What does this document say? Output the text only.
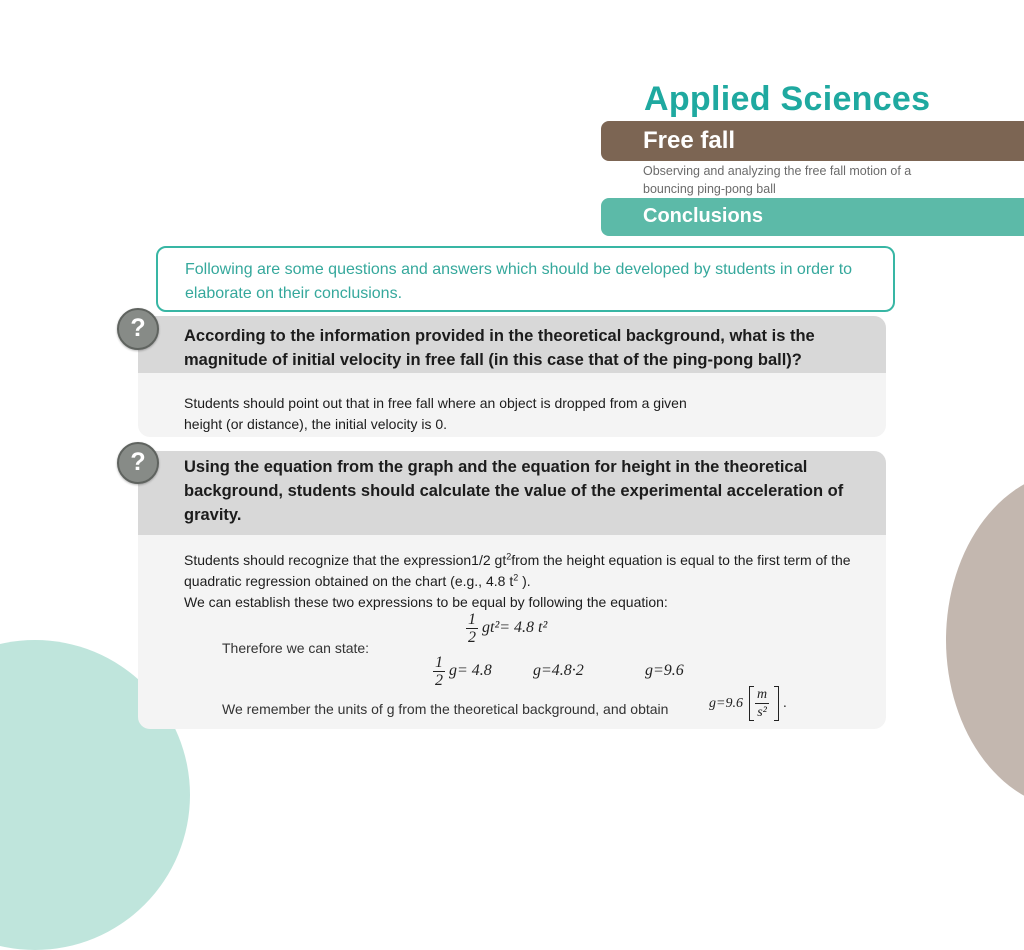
Applied Sciences
Free fall
Observing and analyzing the free fall motion of a bouncing ping-pong ball
Conclusions
Following are some questions and answers which should be developed by students in order to elaborate on their conclusions.
According to the information provided in the theoretical background, what is the magnitude of initial velocity in free fall (in this case that of the ping-pong ball)?
Students should point out that in free fall where an object is dropped from a given
height (or distance), the initial velocity is 0.
?
Using the equation from the graph and the equation for height in the theoretical background, students should calculate the value of the experimental acceleration of gravity.
Students should recognize that the expression1/2 $gt^2from$ the height equation is equal to the first term of the quadratic regression obtained on the chart (e.g., 4.8 $t^2$ ).
We can establish these two expressions to be equal by following the equation:
?
$\frac{1}{2} gt^2= 4.8$ t²
Therefore we can state:
$\frac{1}{2} g= 4.8$	g=4.8·2	g=9.6
We remember the units of g from the theoretical background, and obtain	$g=9.6 \frac{m}{\text{s²}}$ .
